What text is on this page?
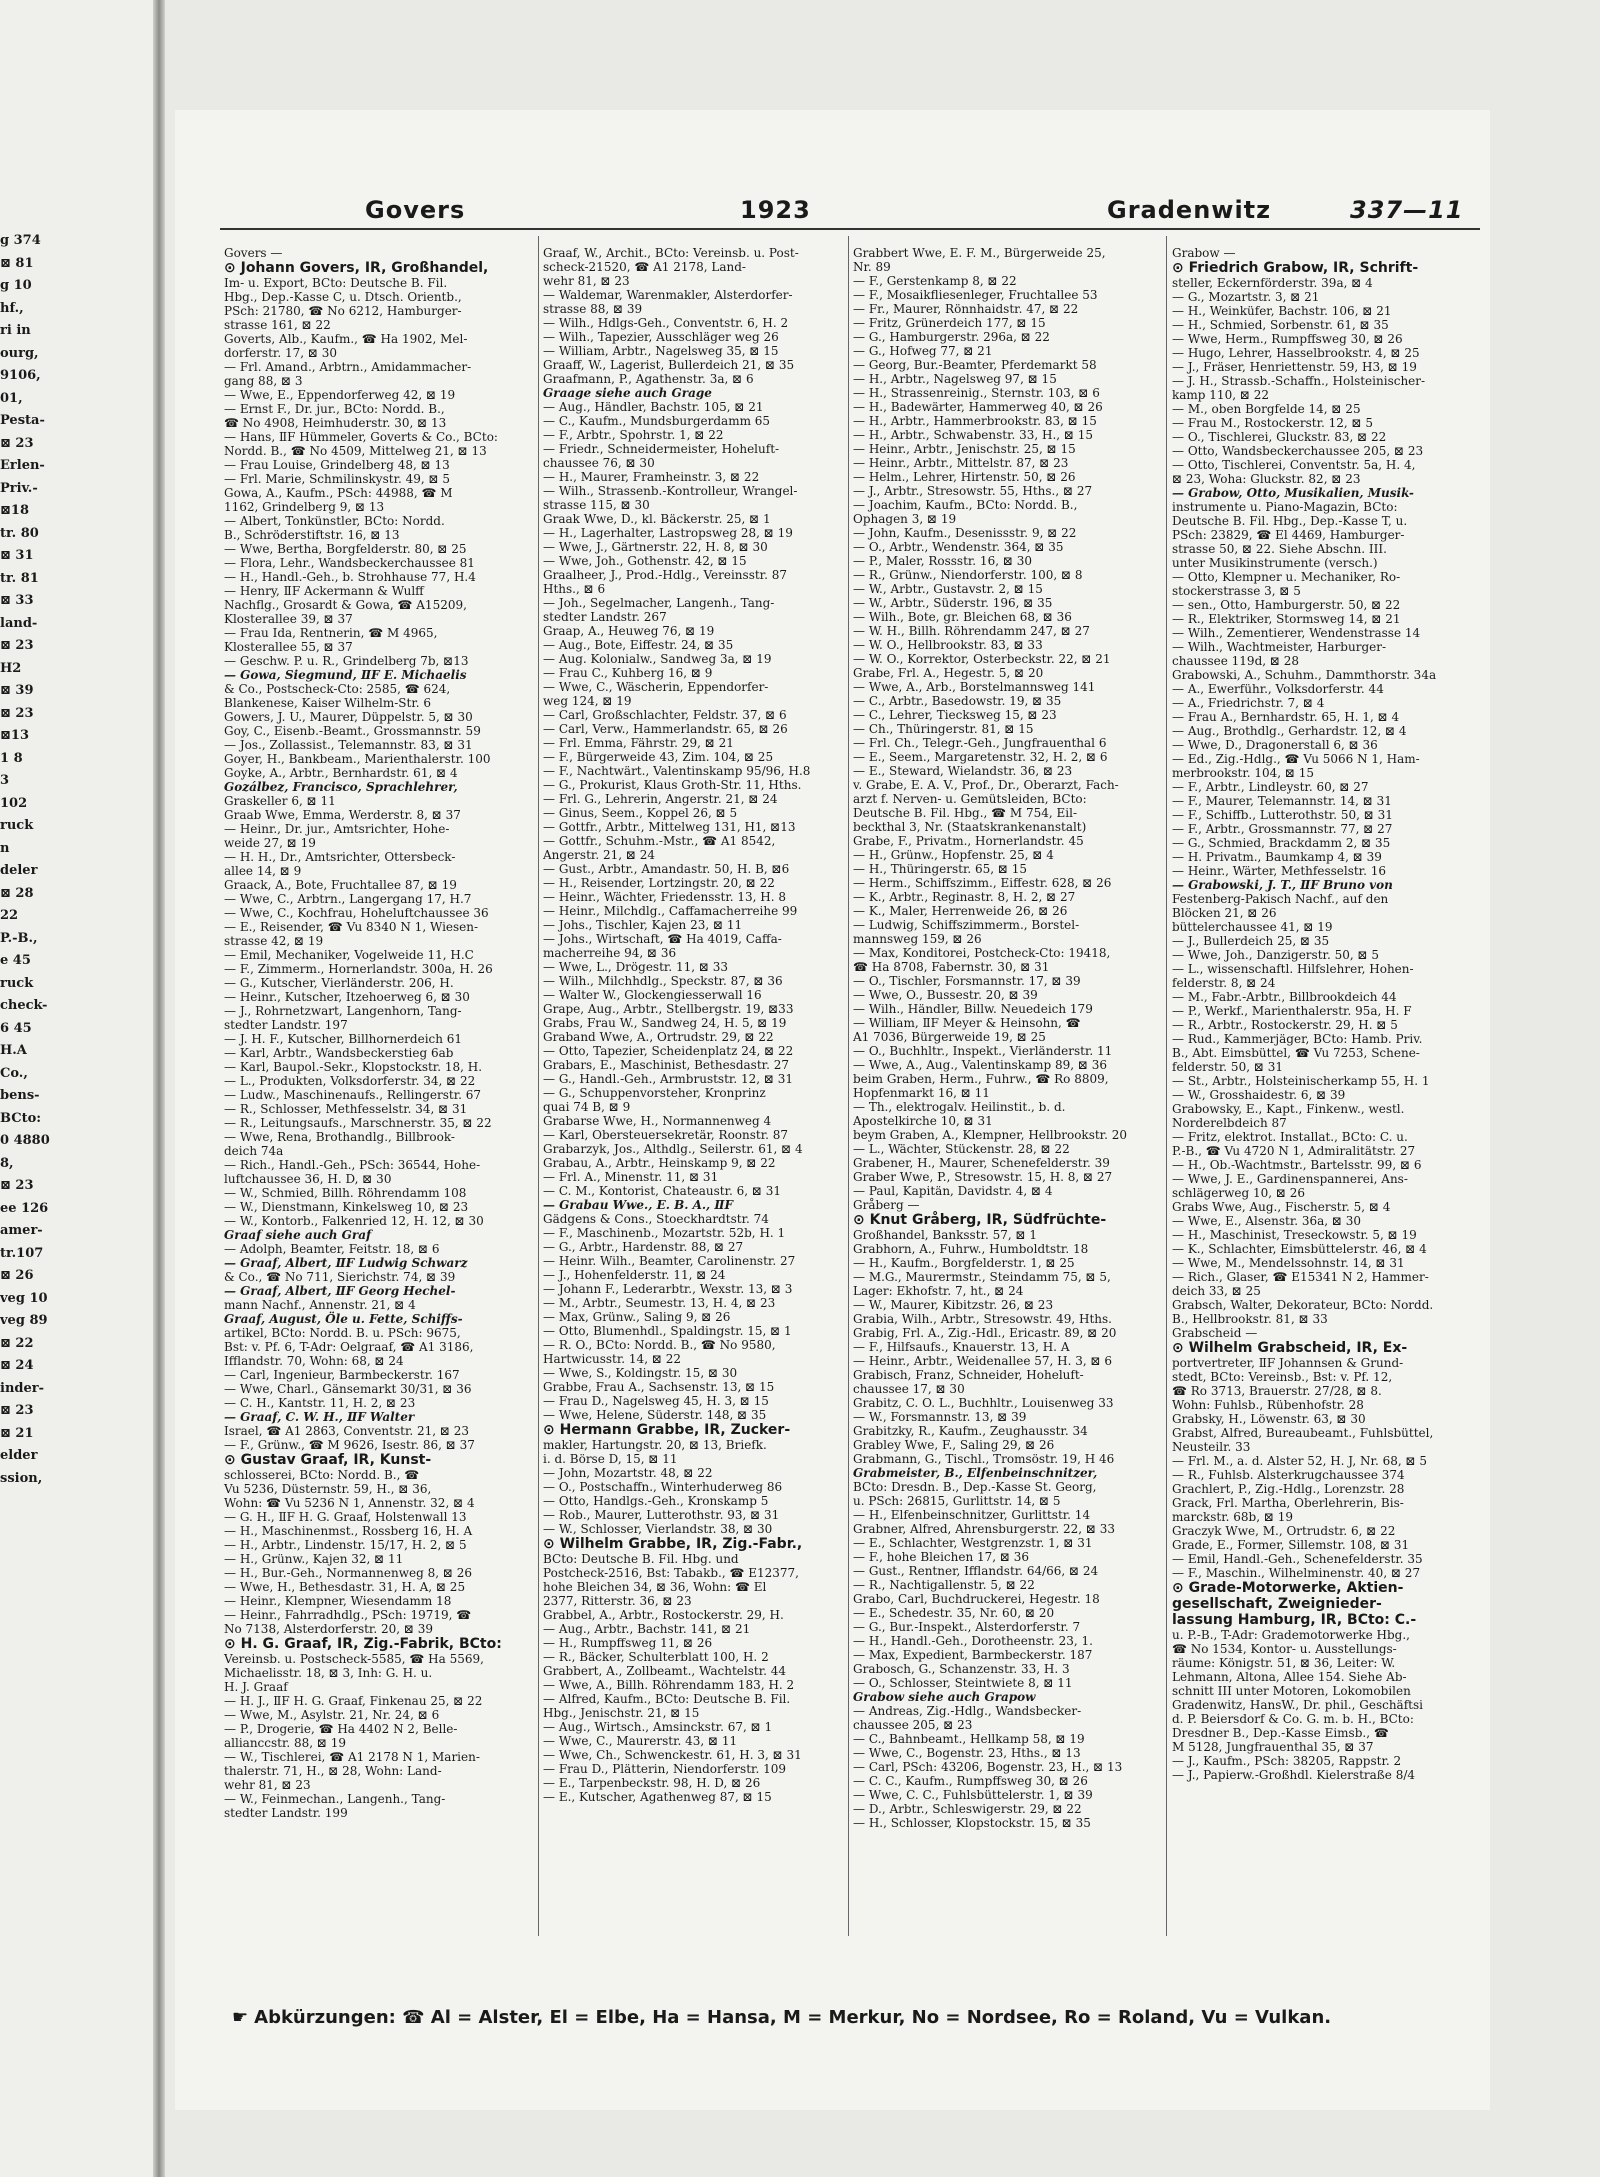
g 374
⊠ 81
g 10
hf.,
ri in
ourg,
9106,
01,
Pesta-
⊠ 23
Erlen-
Priv.-
⊠18
tr. 80
⊠ 31
tr. 81
⊠ 33
land-
⊠ 23
H2
⊠ 39
⊠ 23
⊠13
1 8
3
102
ruck
n
deler
⊠ 28
22
P.-B.,
e 45
ruck
check-
6 45
H.A
Co.,
bens-
BCto:
0 4880
8,
⊠ 23
ee 126
amer-
tr.107
⊠ 26
veg 10
veg 89
⊠ 22
⊠ 24
inder-
⊠ 23
⊠ 21
elder
ssion,
Govers	1923	Gradenwitz	337—11
Govers —
⊙ Johann Govers, IR, Großhandel,
Im- u. Export, BCto: Deutsche B. Fil.
Hbg., Dep.-Kasse C, u. Dtsch. Orientb.,
PSch: 21780, ☎ No 6212, Hamburger-
strasse 161, ⊠ 22
Goverts, Alb., Kaufm., ☎ Ha 1902, Mel-
dorferstr. 17, ⊠ 30
— Frl. Amand., Arbtrn., Amidammacher-
gang 88, ⊠ 3
— Wwe, E., Eppendorferweg 42, ⊠ 19
— Ernst F., Dr. jur., BCto: Nordd. B.,
☎ No 4908, Heimhuderstr. 30, ⊠ 13
— Hans, ⅡF Hümmeler, Goverts & Co., BCto:
Nordd. B., ☎ No 4509, Mittelweg 21, ⊠ 13
— Frau Louise, Grindelberg 48, ⊠ 13
— Frl. Marie, Schmilinskystr. 49, ⊠ 5
Gowa, A., Kaufm., PSch: 44988, ☎ M
1162, Grindelberg 9, ⊠ 13
— Albert, Tonkünstler, BCto: Nordd.
B., Schröderstiftstr. 16, ⊠ 13
— Wwe, Bertha, Borgfelderstr. 80, ⊠ 25
— Flora, Lehr., Wandsbeckerchaussee 81
— H., Handl.-Geh., b. Strohhause 77, H.4
— Henry, ⅡF Ackermann & Wulff
Nachflg., Grosardt & Gowa, ☎ A15209,
Klosterallee 39, ⊠ 37
— Frau Ida, Rentnerin, ☎ M 4965,
Klosterallee 55, ⊠ 37
— Geschw. P. u. R., Grindelberg 7b, ⊠13
— Gowa, Siegmund, ⅡF E. Michaelis
& Co., Postscheck-Cto: 2585, ☎ 624,
Blankenese, Kaiser Wilhelm-Str. 6
Gowers, J. U., Maurer, Düppelstr. 5, ⊠ 30
Goy, C., Eisenb.-Beamt., Grossmannstr. 59
— Jos., Zollassist., Telemannstr. 83, ⊠ 31
Goyer, H., Bankbeam., Marienthalerstr. 100
Goyke, A., Arbtr., Bernhardstr. 61, ⊠ 4
Gozálbez, Francisco, Sprachlehrer,
Graskeller 6, ⊠ 11
Graab Wwe, Emma, Werderstr. 8, ⊠ 37
— Heinr., Dr. jur., Amtsrichter, Hohe-
weide 27, ⊠ 19
— H. H., Dr., Amtsrichter, Ottersbeck-
allee 14, ⊠ 9
Graack, A., Bote, Fruchtallee 87, ⊠ 19
— Wwe, C., Arbtrn., Langergang 17, H.7
— Wwe, C., Kochfrau, Hoheluftchaussee 36
— E., Reisender, ☎ Vu 8340 N 1, Wiesen-
strasse 42, ⊠ 19
— Emil, Mechaniker, Vogelweide 11, H.C
— F., Zimmerm., Hornerlandstr. 300a, H. 26
— G., Kutscher, Vierländerstr. 206, H.
— Heinr., Kutscher, Itzehoerweg 6, ⊠ 30
— J., Rohrnetzwart, Langenhorn, Tang-
stedter Landstr. 197
— J. H. F., Kutscher, Billhornerdeich 61
— Karl, Arbtr., Wandsbeckerstieg 6ab
— Karl, Baupol.-Sekr., Klopstockstr. 18, H.
— L., Produkten, Volksdorferstr. 34, ⊠ 22
— Ludw., Maschinenaufs., Rellingerstr. 67
— R., Schlosser, Methfesselstr. 34, ⊠ 31
— R., Leitungsaufs., Marschnerstr. 35, ⊠ 22
— Wwe, Rena, Brothandlg., Billbrook-
deich 74a
— Rich., Handl.-Geh., PSch: 36544, Hohe-
luftchaussee 36, H. D, ⊠ 30
— W., Schmied, Billh. Röhrendamm 108
— W., Dienstmann, Kinkelsweg 10, ⊠ 23
— W., Kontorb., Falkenried 12, H. 12, ⊠ 30
Graaf siehe auch Graf
— Adolph, Beamter, Feitstr. 18, ⊠ 6
— Graaf, Albert, ⅡF Ludwig Schwarz
& Co., ☎ No 711, Sierichstr. 74, ⊠ 39
— Graaf, Albert, ⅡF Georg Hechel-
mann Nachf., Annenstr. 21, ⊠ 4
Graaf, August, Öle u. Fette, Schiffs-
artikel, BCto: Nordd. B. u. PSch: 9675,
Bst: v. Pf. 6, T-Adr: Oelgraaf, ☎ A1 3186,
Ifflandstr. 70, Wohn: 68, ⊠ 24
— Carl, Ingenieur, Barmbeckerstr. 167
— Wwe, Charl., Gänsemarkt 30/31, ⊠ 36
— C. H., Kantstr. 11, H. 2, ⊠ 23
— Graaf, C. W. H., ⅡF Walter
Israel, ☎ A1 2863, Conventstr. 21, ⊠ 23
— F., Grünw., ☎ M 9626, Isestr. 86, ⊠ 37
⊙ Gustav Graaf, IR, Kunst-
schlosserei, BCto: Nordd. B., ☎
Vu 5236, Düsternstr. 59, H., ⊠ 36,
Wohn: ☎ Vu 5236 N 1, Annenstr. 32, ⊠ 4
— G. H., ⅡF H. G. Graaf, Holstenwall 13
— H., Maschinenmst., Rossberg 16, H. A
— H., Arbtr., Lindenstr. 15/17, H. 2, ⊠ 5
— H., Grünw., Kajen 32, ⊠ 11
— H., Bur.-Geh., Normannenweg 8, ⊠ 26
— Wwe, H., Bethesdastr. 31, H. A, ⊠ 25
— Heinr., Klempner, Wiesendamm 18
— Heinr., Fahrradhdlg., PSch: 19719, ☎
No 7138, Alsterdorferstr. 20, ⊠ 39
⊙ H. G. Graaf, IR, Zig.-Fabrik, BCto:
Vereinsb. u. Postscheck-5585, ☎ Ha 5569,
Michaelisstr. 18, ⊠ 3, Inh: G. H. u.
H. J. Graaf
— H. J., ⅡF H. G. Graaf, Finkenau 25, ⊠ 22
— Wwe, M., Asylstr. 21, Nr. 24, ⊠ 6
— P., Drogerie, ☎ Ha 4402 N 2, Belle-
allianccstr. 88, ⊠ 19
— W., Tischlerei, ☎ A1 2178 N 1, Marien-
thalerstr. 71, H., ⊠ 28, Wohn: Land-
wehr 81, ⊠ 23
— W., Feinmechan., Langenh., Tang-
stedter Landstr. 199
Graaf, W., Archit., BCto: Vereinsb. u. Post-
scheck-21520, ☎ A1 2178, Land-
wehr 81, ⊠ 23
— Waldemar, Warenmakler, Alsterdorfer-
strasse 88, ⊠ 39
— Wilh., Hdlgs-Geh., Conventstr. 6, H. 2
— Wilh., Tapezier, Ausschläger weg 26
— William, Arbtr., Nagelsweg 35, ⊠ 15
Graaff, W., Lagerist, Bullerdeich 21, ⊠ 35
Graafmann, P., Agathenstr. 3a, ⊠ 6
Graage siehe auch Grage
— Aug., Händler, Bachstr. 105, ⊠ 21
— C., Kaufm., Mundsburgerdamm 65
— F., Arbtr., Spohrstr. 1, ⊠ 22
— Friedr., Schneidermeister, Hoheluft-
chaussee 76, ⊠ 30
— H., Maurer, Framheinstr. 3, ⊠ 22
— Wilh., Strassenb.-Kontrolleur, Wrangel-
strasse 115, ⊠ 30
Graak Wwe, D., kl. Bäckerstr. 25, ⊠ 1
— H., Lagerhalter, Lastropsweg 28, ⊠ 19
— Wwe, J., Gärtnerstr. 22, H. 8, ⊠ 30
— Wwe, Joh., Gothenstr. 42, ⊠ 15
Graalheer, J., Prod.-Hdlg., Vereinsstr. 87
Hths., ⊠ 6
— Joh., Segelmacher, Langenh., Tang-
stedter Landstr. 267
Graap, A., Heuweg 76, ⊠ 19
— Aug., Bote, Eiffestr. 24, ⊠ 35
— Aug. Kolonialw., Sandweg 3a, ⊠ 19
— Frau C., Kuhberg 16, ⊠ 9
— Wwe, C., Wäscherin, Eppendorfer-
weg 124, ⊠ 19
— Carl, Großschlachter, Feldstr. 37, ⊠ 6
— Carl, Verw., Hammerlandstr. 65, ⊠ 26
— Frl. Emma, Fährstr. 29, ⊠ 21
— F., Bürgerweide 43, Zim. 104, ⊠ 25
— F., Nachtwärt., Valentinskamp 95/96, H.8
— G., Prokurist, Klaus Groth-Str. 11, Hths.
— Frl. G., Lehrerin, Angerstr. 21, ⊠ 24
— Ginus, Seem., Koppel 26, ⊠ 5
— Gottfr., Arbtr., Mittelweg 131, H1, ⊠13
— Gottfr., Schuhm.-Mstr., ☎ A1 8542,
Angerstr. 21, ⊠ 24
— Gust., Arbtr., Amandastr. 50, H. B, ⊠6
— H., Reisender, Lortzingstr. 20, ⊠ 22
— Heinr., Wächter, Friedensstr. 13, H. 8
— Heinr., Milchdlg., Caffamacherreihe 99
— Johs., Tischler, Kajen 23, ⊠ 11
— Johs., Wirtschaft, ☎ Ha 4019, Caffa-
macherreihe 94, ⊠ 36
— Wwe, L., Drögestr. 11, ⊠ 33
— Wilh., Milchhdlg., Speckstr. 87, ⊠ 36
— Walter W., Glockengiesserwall 16
Grape, Aug., Arbtr., Stellbergstr. 19, ⊠33
Grabs, Frau W., Sandweg 24, H. 5, ⊠ 19
Graband Wwe, A., Ortrudstr. 29, ⊠ 22
— Otto, Tapezier, Scheidenplatz 24, ⊠ 22
Grabars, E., Maschinist, Bethesdastr. 27
— G., Handl.-Geh., Armbruststr. 12, ⊠ 31
— G., Schuppenvorsteher, Kronprinz
quai 74 B, ⊠ 9
Grabarse Wwe, H., Normannenweg 4
— Karl, Obersteuersekretär, Roonstr. 87
Grabarzyk, Jos., Althdlg., Seilerstr. 61, ⊠ 4
Grabau, A., Arbtr., Heinskamp 9, ⊠ 22
— Frl. A., Minenstr. 11, ⊠ 31
— C. M., Kontorist, Chateaustr. 6, ⊠ 31
— Grabau Wwe., E. B. A., ⅡF
Gädgens & Cons., Stoeckhardtstr. 74
— F., Maschinenb., Mozartstr. 52b, H. 1
— G., Arbtr., Hardenstr. 88, ⊠ 27
— Heinr. Wilh., Beamter, Carolinenstr. 27
— J., Hohenfelderstr. 11, ⊠ 24
— Johann F., Lederarbtr., Wexstr. 13, ⊠ 3
— M., Arbtr., Seumestr. 13, H. 4, ⊠ 23
— Max, Grünw., Saling 9, ⊠ 26
— Otto, Blumenhdl., Spaldingstr. 15, ⊠ 1
— R. O., BCto: Nordd. B., ☎ No 9580,
Hartwicusstr. 14, ⊠ 22
— Wwe, S., Koldingstr. 15, ⊠ 30
Grabbe, Frau A., Sachsenstr. 13, ⊠ 15
— Frau D., Nagelsweg 45, H. 3, ⊠ 15
— Wwe, Helene, Süderstr. 148, ⊠ 35
⊙ Hermann Grabbe, IR, Zucker-
makler, Hartungstr. 20, ⊠ 13, Briefk.
i. d. Börse D, 15, ⊠ 11
— John, Mozartstr. 48, ⊠ 22
— O., Postschaffn., Winterhuderweg 86
— Otto, Handlgs.-Geh., Kronskamp 5
— Rob., Maurer, Lutterothstr. 93, ⊠ 31
— W., Schlosser, Vierlandstr. 38, ⊠ 30
⊙ Wilhelm Grabbe, IR, Zig.-Fabr.,
BCto: Deutsche B. Fil. Hbg. und
Postcheck-2516, Bst: Tabakb., ☎ E12377,
hohe Bleichen 34, ⊠ 36, Wohn: ☎ El
2377, Ritterstr. 36, ⊠ 23
Grabbel, A., Arbtr., Rostockerstr. 29, H.
— Aug., Arbtr., Bachstr. 141, ⊠ 21
— H., Rumpffsweg 11, ⊠ 26
— R., Bäcker, Schulterblatt 100, H. 2
Grabbert, A., Zollbeamt., Wachtelstr. 44
— Wwe, A., Billh. Röhrendamm 183, H. 2
— Alfred, Kaufm., BCto: Deutsche B. Fil.
Hbg., Jenischstr. 21, ⊠ 15
— Aug., Wirtsch., Amsinckstr. 67, ⊠ 1
— Wwe, C., Maurerstr. 43, ⊠ 11
— Wwe, Ch., Schwenckestr. 61, H. 3, ⊠ 31
— Frau D., Plätterin, Niendorferstr. 109
— E., Tarpenbeckstr. 98, H. D, ⊠ 26
— E., Kutscher, Agathenweg 87, ⊠ 15
Grabbert Wwe, E. F. M., Bürgerweide 25,
Nr. 89
— F., Gerstenkamp 8, ⊠ 22
— F., Mosaikfliesenleger, Fruchtallee 53
— Fr., Maurer, Rönnhaidstr. 47, ⊠ 22
— Fritz, Grünerdeich 177, ⊠ 15
— G., Hamburgerstr. 296a, ⊠ 22
— G., Hofweg 77, ⊠ 21
— Georg, Bur.-Beamter, Pferdemarkt 58
— H., Arbtr., Nagelsweg 97, ⊠ 15
— H., Strassenreinig., Sternstr. 103, ⊠ 6
— H., Badewärter, Hammerweg 40, ⊠ 26
— H., Arbtr., Hammerbrookstr. 83, ⊠ 15
— H., Arbtr., Schwabenstr. 33, H., ⊠ 15
— Heinr., Arbtr., Jenischstr. 25, ⊠ 15
— Heinr., Arbtr., Mittelstr. 87, ⊠ 23
— Helm., Lehrer, Hirtenstr. 50, ⊠ 26
— J., Arbtr., Stresowstr. 55, Hths., ⊠ 27
— Joachim, Kaufm., BCto: Nordd. B.,
Ophagen 3, ⊠ 19
— John, Kaufm., Desenissstr. 9, ⊠ 22
— O., Arbtr., Wendenstr. 364, ⊠ 35
— P., Maler, Rossstr. 16, ⊠ 30
— R., Grünw., Niendorferstr. 100, ⊠ 8
— W., Arbtr., Gustavstr. 2, ⊠ 15
— W., Arbtr., Süderstr. 196, ⊠ 35
— Wilh., Bote, gr. Bleichen 68, ⊠ 36
— W. H., Billh. Röhrendamm 247, ⊠ 27
— W. O., Hellbrookstr. 83, ⊠ 33
— W. O., Korrektor, Osterbeckstr. 22, ⊠ 21
Grabe, Frl. A., Hegestr. 5, ⊠ 20
— Wwe, A., Arb., Borstelmannsweg 141
— C., Arbtr., Basedowstr. 19, ⊠ 35
— C., Lehrer, Tiecksweg 15, ⊠ 23
— Ch., Thüringerstr. 81, ⊠ 15
— Frl. Ch., Telegr.-Geh., Jungfrauenthal 6
— E., Seem., Margaretenstr. 32, H. 2, ⊠ 6
— E., Steward, Wielandstr. 36, ⊠ 23
v. Grabe, E. A. V., Prof., Dr., Oberarzt, Fach-
arzt f. Nerven- u. Gemütsleiden, BCto:
Deutsche B. Fil. Hbg., ☎ M 754, Eil-
beckthal 3, Nr. (Staatskrankenanstalt)
Grabe, F., Privatm., Hornerlandstr. 45
— H., Grünw., Hopfenstr. 25, ⊠ 4
— H., Thüringerstr. 65, ⊠ 15
— Herm., Schiffszimm., Eiffestr. 628, ⊠ 26
— K., Arbtr., Reginastr. 8, H. 2, ⊠ 27
— K., Maler, Herrenweide 26, ⊠ 26
— Ludwig, Schiffszimmerm., Borstel-
mannsweg 159, ⊠ 26
— Max, Konditorei, Postcheck-Cto: 19418,
☎ Ha 8708, Fabernstr. 30, ⊠ 31
— O., Tischler, Forsmannstr. 17, ⊠ 39
— Wwe, O., Bussestr. 20, ⊠ 39
— Wilh., Händler, Billw. Neuedeich 179
— William, ⅡF Meyer & Heinsohn, ☎
A1 7036, Bürgerweide 19, ⊠ 25
— O., Buchhltr., Inspekt., Vierländerstr. 11
— Wwe, A., Aug., Valentinskamp 89, ⊠ 36
beim Graben, Herm., Fuhrw., ☎ Ro 8809,
Hopfenmarkt 16, ⊠ 11
— Th., elektrogalv. Heilinstit., b. d.
Apostelkirche 10, ⊠ 31
beym Graben, A., Klempner, Hellbrookstr. 20
— L., Wächter, Stückenstr. 28, ⊠ 22
Grabener, H., Maurer, Schenefelderstr. 39
Graber Wwe, P., Stresowstr. 15, H. 8, ⊠ 27
— Paul, Kapitän, Davidstr. 4, ⊠ 4
Gråberg —
⊙ Knut Gråberg, IR, Südfrüchte-
Großhandel, Banksstr. 57, ⊠ 1
Grabhorn, A., Fuhrw., Humboldtstr. 18
— H., Kaufm., Borgfelderstr. 1, ⊠ 25
— M.G., Maurermstr., Steindamm 75, ⊠ 5,
Lager: Ekhofstr. 7, ht., ⊠ 24
— W., Maurer, Kibitzstr. 26, ⊠ 23
Grabia, Wilh., Arbtr., Stresowstr. 49, Hths.
Grabig, Frl. A., Zig.-Hdl., Ericastr. 89, ⊠ 20
— F., Hilfsaufs., Knauerstr. 13, H. A
— Heinr., Arbtr., Weidenallee 57, H. 3, ⊠ 6
Grabisch, Franz, Schneider, Hoheluft-
chaussee 17, ⊠ 30
Grabitz, C. O. L., Buchhltr., Louisenweg 33
— W., Forsmannstr. 13, ⊠ 39
Grabitzky, R., Kaufm., Zeughausstr. 34
Grabley Wwe, F., Saling 29, ⊠ 26
Grabmann, G., Tischl., Tromsöstr. 19, H 46
Grabmeister, B., Elfenbeinschnitzer,
BCto: Dresdn. B., Dep.-Kasse St. Georg,
u. PSch: 26815, Gurlittstr. 14, ⊠ 5
— H., Elfenbeinschnitzer, Gurlittstr. 14
Grabner, Alfred, Ahrensburgerstr. 22, ⊠ 33
— E., Schlachter, Westgrenzstr. 1, ⊠ 31
— F., hohe Bleichen 17, ⊠ 36
— Gust., Rentner, Ifflandstr. 64/66, ⊠ 24
— R., Nachtigallenstr. 5, ⊠ 22
Grabo, Carl, Buchdruckerei, Hegestr. 18
— E., Schedestr. 35, Nr. 60, ⊠ 20
— G., Bur.-Inspekt., Alsterdorferstr. 7
— H., Handl.-Geh., Dorotheenstr. 23, 1.
— Max, Expedient, Barmbeckerstr. 187
Grabosch, G., Schanzenstr. 33, H. 3
— O., Schlosser, Steintwiete 8, ⊠ 11
Grabow siehe auch Grapow
— Andreas, Zig.-Hdlg., Wandsbecker-
chaussee 205, ⊠ 23
— C., Bahnbeamt., Hellkamp 58, ⊠ 19
— Wwe, C., Bogenstr. 23, Hths., ⊠ 13
— Carl, PSch: 43206, Bogenstr. 23, H., ⊠ 13
— C. C., Kaufm., Rumpffsweg 30, ⊠ 26
— Wwe, C. C., Fuhlsbüttelerstr. 1, ⊠ 39
— D., Arbtr., Schleswigerstr. 29, ⊠ 22
— H., Schlosser, Klopstockstr. 15, ⊠ 35
Grabow —
⊙ Friedrich Grabow, IR, Schrift-
steller, Eckernförderstr. 39a, ⊠ 4
— G., Mozartstr. 3, ⊠ 21
— H., Weinküfer, Bachstr. 106, ⊠ 21
— H., Schmied, Sorbenstr. 61, ⊠ 35
— Wwe, Herm., Rumpffsweg 30, ⊠ 26
— Hugo, Lehrer, Hasselbrookstr. 4, ⊠ 25
— J., Fräser, Henriettenstr. 59, H3, ⊠ 19
— J. H., Strassb.-Schaffn., Holsteinischer-
kamp 110, ⊠ 22
— M., oben Borgfelde 14, ⊠ 25
— Frau M., Rostockerstr. 12, ⊠ 5
— O., Tischlerei, Gluckstr. 83, ⊠ 22
— Otto, Wandsbeckerchaussee 205, ⊠ 23
— Otto, Tischlerei, Conventstr. 5a, H. 4,
⊠ 23, Woha: Gluckstr. 82, ⊠ 23
— Grabow, Otto, Musikalien, Musik-
instrumente u. Piano-Magazin, BCto:
Deutsche B. Fil. Hbg., Dep.-Kasse T, u.
PSch: 23829, ☎ El 4469, Hamburger-
strasse 50, ⊠ 22. Siehe Abschn. III.
unter Musikinstrumente (versch.)
— Otto, Klempner u. Mechaniker, Ro-
stockerstrasse 3, ⊠ 5
— sen., Otto, Hamburgerstr. 50, ⊠ 22
— R., Elektriker, Stormsweg 14, ⊠ 21
— Wilh., Zementierer, Wendenstrasse 14
— Wilh., Wachtmeister, Harburger-
chaussee 119d, ⊠ 28
Grabowski, A., Schuhm., Dammthorstr. 34a
— A., Ewerführ., Volksdorferstr. 44
— A., Friedrichstr. 7, ⊠ 4
— Frau A., Bernhardstr. 65, H. 1, ⊠ 4
— Aug., Brothdlg., Gerhardstr. 12, ⊠ 4
— Wwe, D., Dragonerstall 6, ⊠ 36
— Ed., Zig.-Hdlg., ☎ Vu 5066 N 1, Ham-
merbrookstr. 104, ⊠ 15
— F., Arbtr., Lindleystr. 60, ⊠ 27
— F., Maurer, Telemannstr. 14, ⊠ 31
— F., Schiffb., Lutterothstr. 50, ⊠ 31
— F., Arbtr., Grossmannstr. 77, ⊠ 27
— G., Schmied, Brackdamm 2, ⊠ 35
— H. Privatm., Baumkamp 4, ⊠ 39
— Heinr., Wärter, Methfesselstr. 16
— Grabowski, J. T., ⅡF Bruno von
Festenberg-Pakisch Nachf., auf den
Blöcken 21, ⊠ 26
büttelerchaussee 41, ⊠ 19
— J., Bullerdeich 25, ⊠ 35
— Wwe, Joh., Danzigerstr. 50, ⊠ 5
— L., wissenschaftl. Hilfslehrer, Hohen-
felderstr. 8, ⊠ 24
— M., Fabr.-Arbtr., Billbrookdeich 44
— P., Werkf., Marienthalerstr. 95a, H. F
— R., Arbtr., Rostockerstr. 29, H. ⊠ 5
— Rud., Kammerjäger, BCto: Hamb. Priv.
B., Abt. Eimsbüttel, ☎ Vu 7253, Schene-
felderstr. 50, ⊠ 31
— St., Arbtr., Holsteinischerkamp 55, H. 1
— W., Grosshaidestr. 6, ⊠ 39
Grabowsky, E., Kapt., Finkenw., westl.
Norderelbdeich 87
— Fritz, elektrot. Installat., BCto: C. u.
P.-B., ☎ Vu 4720 N 1, Admiralitätstr. 27
— H., Ob.-Wachtmstr., Bartelsstr. 99, ⊠ 6
— Wwe, J. E., Gardinenspannerei, Ans-
schlägerweg 10, ⊠ 26
Grabs Wwe, Aug., Fischerstr. 5, ⊠ 4
— Wwe, E., Alsenstr. 36a, ⊠ 30
— H., Maschinist, Treseckowstr. 5, ⊠ 19
— K., Schlachter, Eimsbüttelerstr. 46, ⊠ 4
— Wwe, M., Mendelssohnstr. 14, ⊠ 31
— Rich., Glaser, ☎ E15341 N 2, Hammer-
deich 33, ⊠ 25
Grabsch, Walter, Dekorateur, BCto: Nordd.
B., Hellbrookstr. 81, ⊠ 33
Grabscheid —
⊙ Wilhelm Grabscheid, IR, Ex-
portvertreter, ⅡF Johannsen & Grund-
stedt, BCto: Vereinsb., Bst: v. Pf. 12,
☎ Ro 3713, Brauerstr. 27/28, ⊠ 8.
Wohn: Fuhlsb., Rübenhofstr. 28
Grabsky, H., Löwenstr. 63, ⊠ 30
Grabst, Alfred, Bureaubeamt., Fuhlsbüttel,
Neusteilr. 33
— Frl. M., a. d. Alster 52, H. J, Nr. 68, ⊠ 5
— R., Fuhlsb. Alsterkrugchaussee 374
Grachlert, P., Zig.-Hdlg., Lorenzstr. 28
Grack, Frl. Martha, Oberlehrerin, Bis-
marckstr. 68b, ⊠ 19
Graczyk Wwe, M., Ortrudstr. 6, ⊠ 22
Grade, E., Former, Sillemstr. 108, ⊠ 31
— Emil, Handl.-Geh., Schenefelderstr. 35
— F., Maschin., Wilhelminenstr. 40, ⊠ 27
⊙ Grade-Motorwerke, Aktien-
gesellschaft, Zweignieder-
lassung Hamburg, IR, BCto: C.-
u. P.-B., T-Adr: Grademotorwerke Hbg.,
☎ No 1534, Kontor- u. Ausstellungs-
räume: Königstr. 51, ⊠ 36, Leiter: W.
Lehmann, Altona, Allee 154. Siehe Ab-
schnitt III unter Motoren, Lokomobilen
Gradenwitz, HansW., Dr. phil., Geschäftsi
d. P. Beiersdorf & Co. G. m. b. H., BCto:
Dresdner B., Dep.-Kasse Eimsb., ☎
M 5128, Jungfrauenthal 35, ⊠ 37
— J., Kaufm., PSch: 38205, Rappstr. 2
— J., Papierw.-Großhdl. Kielerstraße 8/4
☛ Abkürzungen: ☎ Al = Alster, El = Elbe, Ha = Hansa, M = Merkur, No = Nordsee, Ro = Roland, Vu = Vulkan.
